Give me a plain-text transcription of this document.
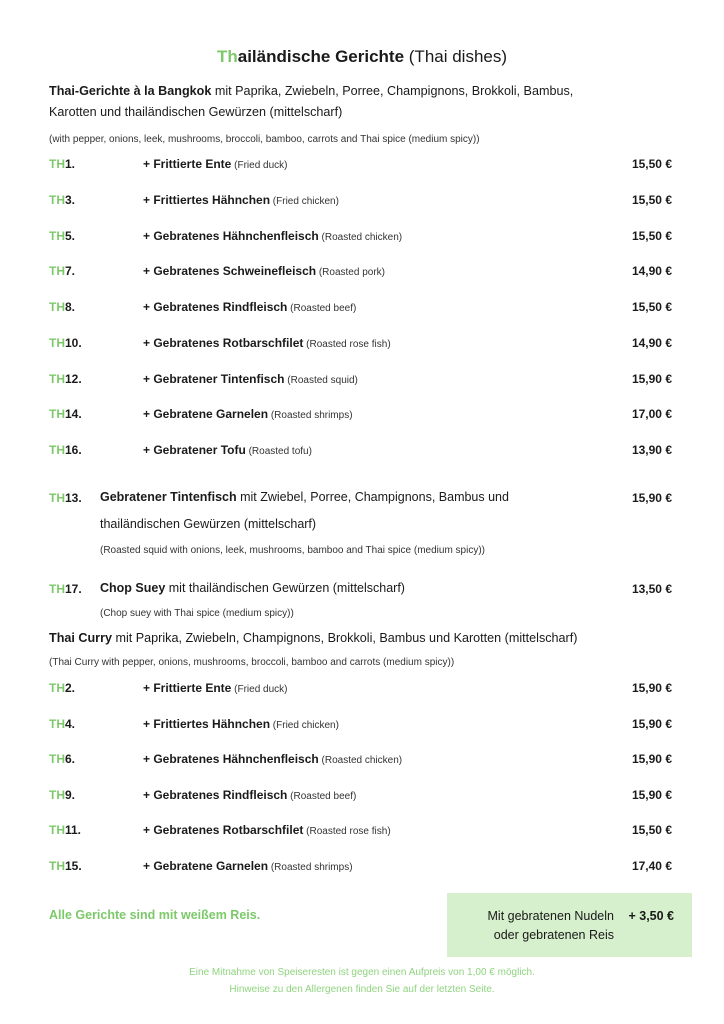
Thailändische Gerichte (Thai dishes)
Thai-Gerichte à la Bangkok mit Paprika, Zwiebeln, Porree, Champignons, Brokkoli, Bambus,
Karotten und thailändischen Gewürzen (mittelscharf)
(with pepper, onions, leek, mushrooms, broccoli, bamboo, carrots and Thai spice (medium spicy))
TH1.	+ Frittierte Ente (Fried duck)	15,50 €
TH3.	+ Frittiertes Hähnchen (Fried chicken)	15,50 €
TH5.	+ Gebratenes Hähnchenfleisch (Roasted chicken)	15,50 €
TH7.	+ Gebratenes Schweinefleisch (Roasted pork)	14,90 €
TH8.	+ Gebratenes Rindfleisch (Roasted beef)	15,50 €
TH10.	+ Gebratenes Rotbarschfilet (Roasted rose fish)	14,90 €
TH12.	+ Gebratener Tintenfisch (Roasted squid)	15,90 €
TH14.	+ Gebratene Garnelen (Roasted shrimps)	17,00 €
TH16.	+ Gebratener Tofu (Roasted tofu)	13,90 €
TH13. Gebratener Tintenfisch mit Zwiebel, Porree, Champignons, Bambus und
thailändischen Gewürzen (mittelscharf)
(Roasted squid with onions, leek, mushrooms, bamboo and Thai spice (medium spicy))
15,90 €
TH17. Chop Suey mit thailändischen Gewürzen (mittelscharf)
(Chop suey with Thai spice (medium spicy))
13,50 €
Thai Curry mit Paprika, Zwiebeln, Champignons, Brokkoli, Bambus und Karotten (mittelscharf)
(Thai Curry with pepper, onions, mushrooms, broccoli, bamboo and carrots (medium spicy))
TH2.	+ Frittierte Ente (Fried duck)	15,90 €
TH4.	+ Frittiertes Hähnchen (Fried chicken)	15,90 €
TH6.	+ Gebratenes Hähnchenfleisch (Roasted chicken)	15,90 €
TH9.	+ Gebratenes Rindfleisch (Roasted beef)	15,90 €
TH11.	+ Gebratenes Rotbarschfilet (Roasted rose fish)	15,50 €
TH15.	+ Gebratene Garnelen (Roasted shrimps)	17,40 €
Alle Gerichte sind mit weißem Reis.	Mit gebratenen Nudeln
oder gebratenen Reis
+ 3,50 €
Eine Mitnahme von Speiseresten ist gegen einen Aufpreis von 1,00 € möglich.
Hinweise zu den Allergenen finden Sie auf der letzten Seite.
